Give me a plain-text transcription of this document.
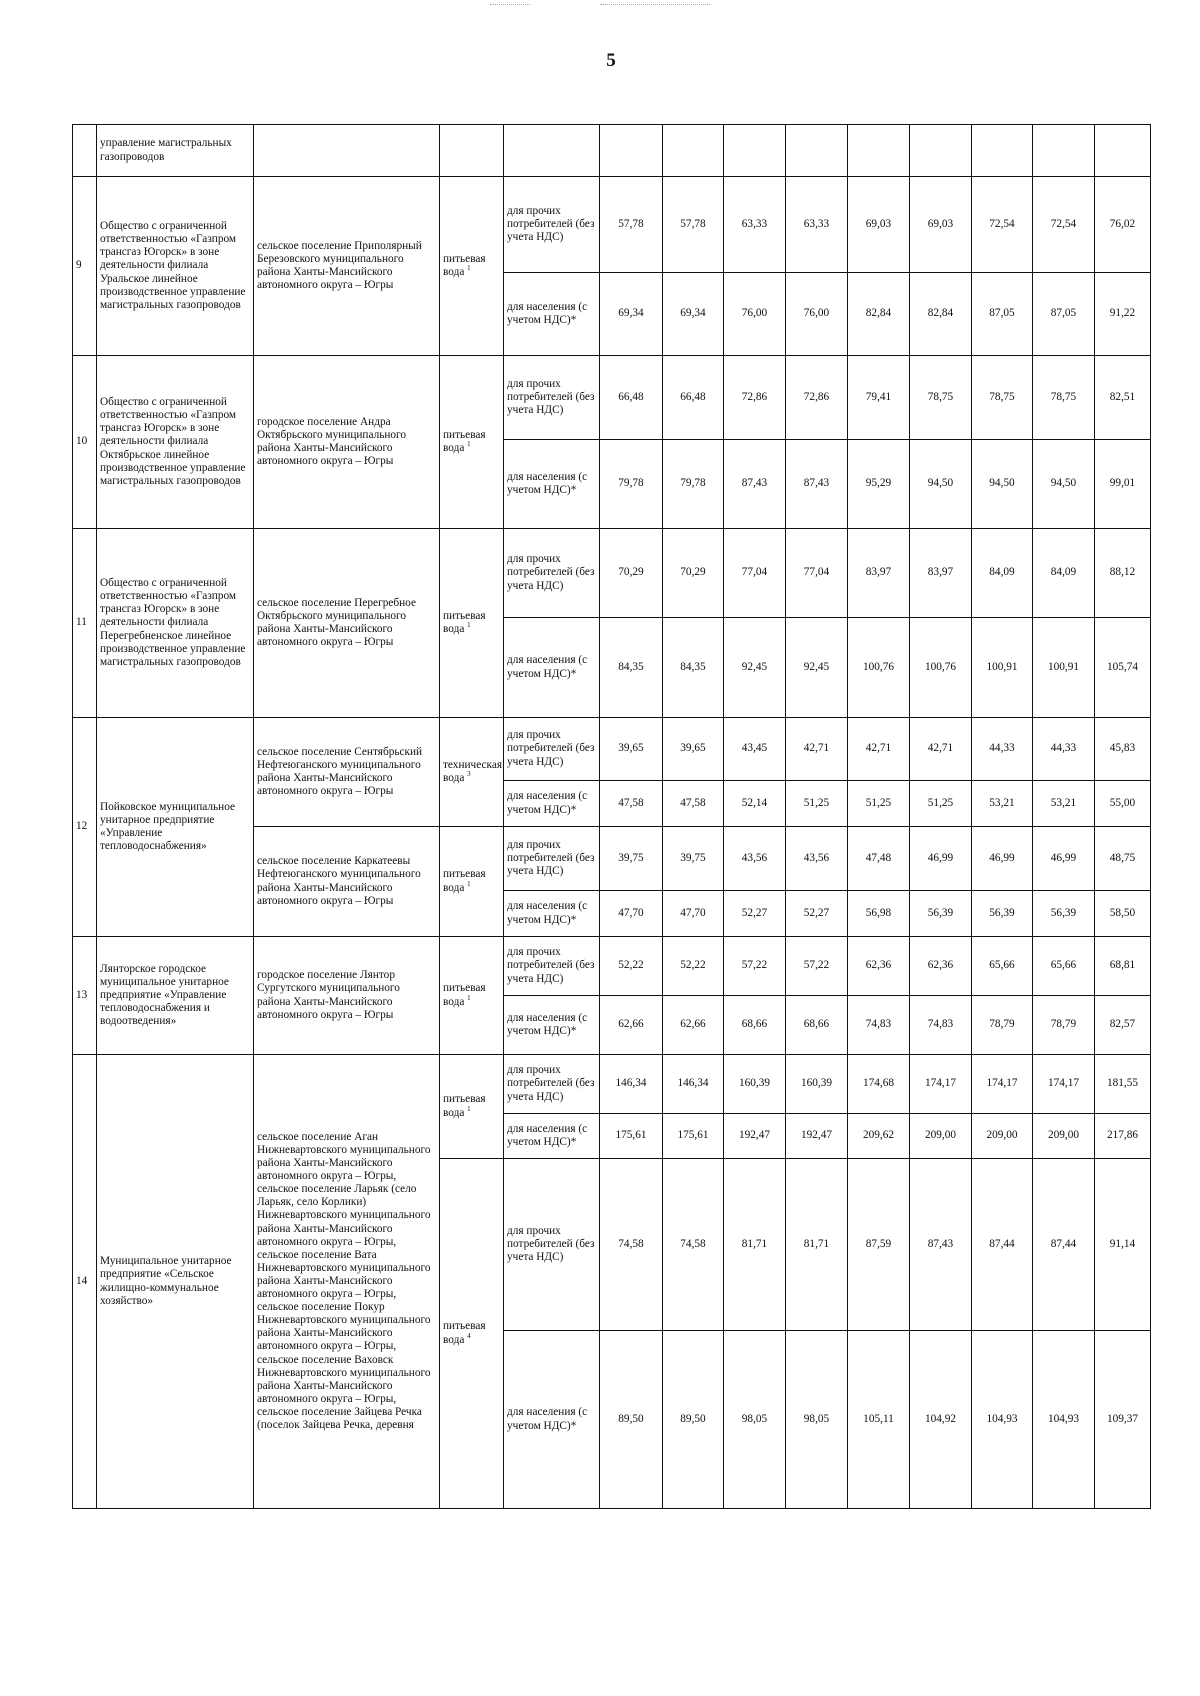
5
	управление магистральных газопроводов												
9	Общество с ограниченной ответственностью «Газпром трансгаз Югорск» в зоне деятельности филиала Уральское линейное производственное управление магистральных газопроводов	сельское поселение Приполярный Березовского муниципального района Ханты-Мансийского автономного округа – Югры	питьевая вода $^1$	для прочих потребителей (без учета НДС)	57,78	57,78	63,33	63,33	69,03	69,03	72,54	72,54	76,02
				для населения (с учетом НДС)*	69,34	69,34	76,00	76,00	82,84	82,84	87,05	87,05	91,22
10	Общество с ограниченной ответственностью «Газпром трансгаз Югорск» в зоне деятельности филиала Октябрьское линейное производственное управление магистральных газопроводов	городское поселение Андра Октябрьского муниципального района Ханты-Мансийского автономного округа – Югры	питьевая вода $^1$	для прочих потребителей (без учета НДС)	66,48	66,48	72,86	72,86	79,41	78,75	78,75	78,75	82,51
				для населения (с учетом НДС)*	79,78	79,78	87,43	87,43	95,29	94,50	94,50	94,50	99,01
11	Общество с ограниченной ответственностью «Газпром трансгаз Югорск» в зоне деятельности филиала Перегребненское линейное производственное управление магистральных газопроводов	сельское поселение Перегребное Октябрьского муниципального района Ханты-Мансийского автономного округа – Югры	питьевая вода $^1$	для прочих потребителей (без учета НДС)	70,29	70,29	77,04	77,04	83,97	83,97	84,09	84,09	88,12
				для населения (с учетом НДС)*	84,35	84,35	92,45	92,45	100,76	100,76	100,91	100,91	105,74
12	Пойковское муниципальное унитарное предприятие «Управление тепловодоснабжения»	сельское поселение Сентябрьский Нефтеюганского муниципального района Ханты-Мансийского автономного округа – Югры	техническая вода $^3$	для прочих потребителей (без учета НДС)	39,65	39,65	43,45	42,71	42,71	42,71	44,33	44,33	45,83
				для населения (с учетом НДС)*	47,58	47,58	52,14	51,25	51,25	51,25	53,21	53,21	55,00
		сельское поселение Каркатеевы Нефтеюганского муниципального района Ханты-Мансийского автономного округа – Югры	питьевая вода $^1$	для прочих потребителей (без учета НДС)	39,75	39,75	43,56	43,56	47,48	46,99	46,99	46,99	48,75
				для населения (с учетом НДС)*	47,70	47,70	52,27	52,27	56,98	56,39	56,39	56,39	58,50
13	Лянторское городское муниципальное унитарное предприятие «Управление тепловодоснабжения и водоотведения»	городское поселение Лянтор Сургутского муниципального района Ханты-Мансийского автономного округа – Югры	питьевая вода $^1$	для прочих потребителей (без учета НДС)	52,22	52,22	57,22	57,22	62,36	62,36	65,66	65,66	68,81
				для населения (с учетом НДС)*	62,66	62,66	68,66	68,66	74,83	74,83	78,79	78,79	82,57
14	Муниципальное унитарное предприятие «Сельское жилищно-коммунальное хозяйство»	сельское поселение Аган Нижневартовского муниципального района Ханты-Мансийского автономного округа – Югры, сельское поселение Ларьяк (село Ларьяк, село Корлики) Нижневартовского муниципального района Ханты-Мансийского автономного округа – Югры, сельское поселение Вата Нижневартовского муниципального района Ханты-Мансийского автономного округа – Югры, сельское поселение Покур Нижневартовского муниципального района Ханты-Мансийского автономного округа – Югры, сельское поселение Ваховск Нижневартовского муниципального района Ханты-Мансийского автономного округа – Югры, сельское поселение Зайцева Речка (поселок Зайцева Речка, деревня	питьевая вода $^1$	для прочих потребителей (без учета НДС)	146,34	146,34	160,39	160,39	174,68	174,17	174,17	174,17	181,55
				для населения (с учетом НДС)*	175,61	175,61	192,47	192,47	209,62	209,00	209,00	209,00	217,86
			питьевая вода $^4$	для прочих потребителей (без учета НДС)	74,58	74,58	81,71	81,71	87,59	87,43	87,44	87,44	91,14
				для населения (с учетом НДС)*	89,50	89,50	98,05	98,05	105,11	104,92	104,93	104,93	109,37
